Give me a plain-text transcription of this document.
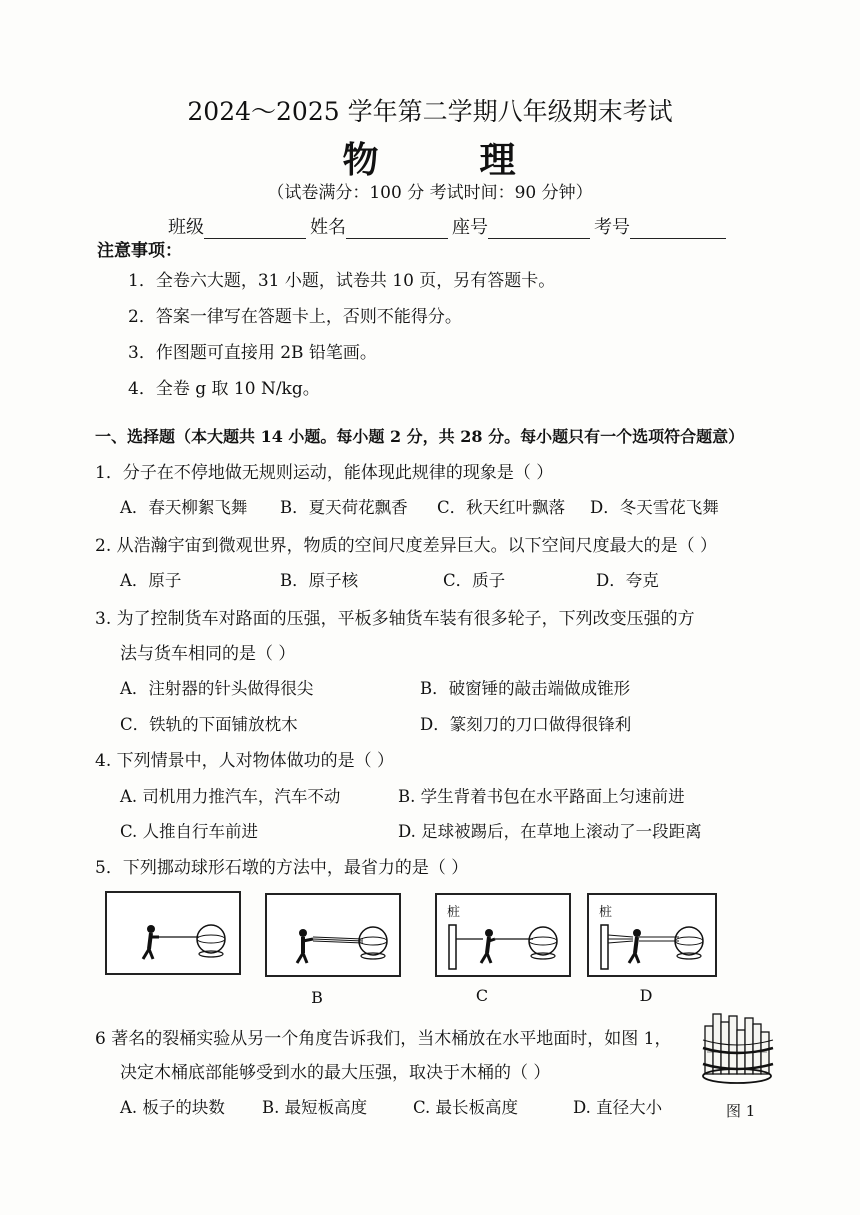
2024～2025 学年第二学期八年级期末考试
物	理
（试卷满分：100 分 考试时间：90 分钟）
班级	姓名	座号	考号
注意事项：
1．全卷六大题，31 小题，试卷共 10 页，另有答题卡。
2．答案一律写在答题卡上，否则不能得分。
3．作图题可直接用 2B 铅笔画。
4．全卷 g 取 10 N/kg。
一、选择题（本大题共 14 小题。每小题 2 分，共 28 分。每小题只有一个选项符合题意）
1．分子在不停地做无规则运动，能体现此规律的现象是（ ）
A．春天柳絮飞舞 B．夏天荷花飘香 C．秋天红叶飘落 D．冬天雪花飞舞
2. 从浩瀚宇宙到微观世界，物质的空间尺度差异巨大。以下空间尺度最大的是（ ）
A．原子	B．原子核	C．质子	D．夸克
3. 为了控制货车对路面的压强，平板多轴货车装有很多轮子，下列改变压强的方
法与货车相同的是（ ）
A．注射器的针头做得很尖	B．破窗锤的敲击端做成锥形
C．铁轨的下面铺放枕木	D．篆刻刀的刀口做得很锋利
4. 下列情景中，人对物体做功的是（ ）
A. 司机用力推汽车，汽车不动	B. 学生背着书包在水平路面上匀速前进
C. 人推自行车前进	D. 足球被踢后，在草地上滚动了一段距离
5．下列挪动球形石墩的方法中，最省力的是（ ）
桩	桩
B	C	D
6 著名的裂桶实验从另一个角度告诉我们，当木桶放在水平地面时，如图 1，
决定木桶底部能够受到水的最大压强，取决于木桶的（ ）
A. 板子的块数 B. 最短板高度	C. 最长板高度	D. 直径大小	图 1
